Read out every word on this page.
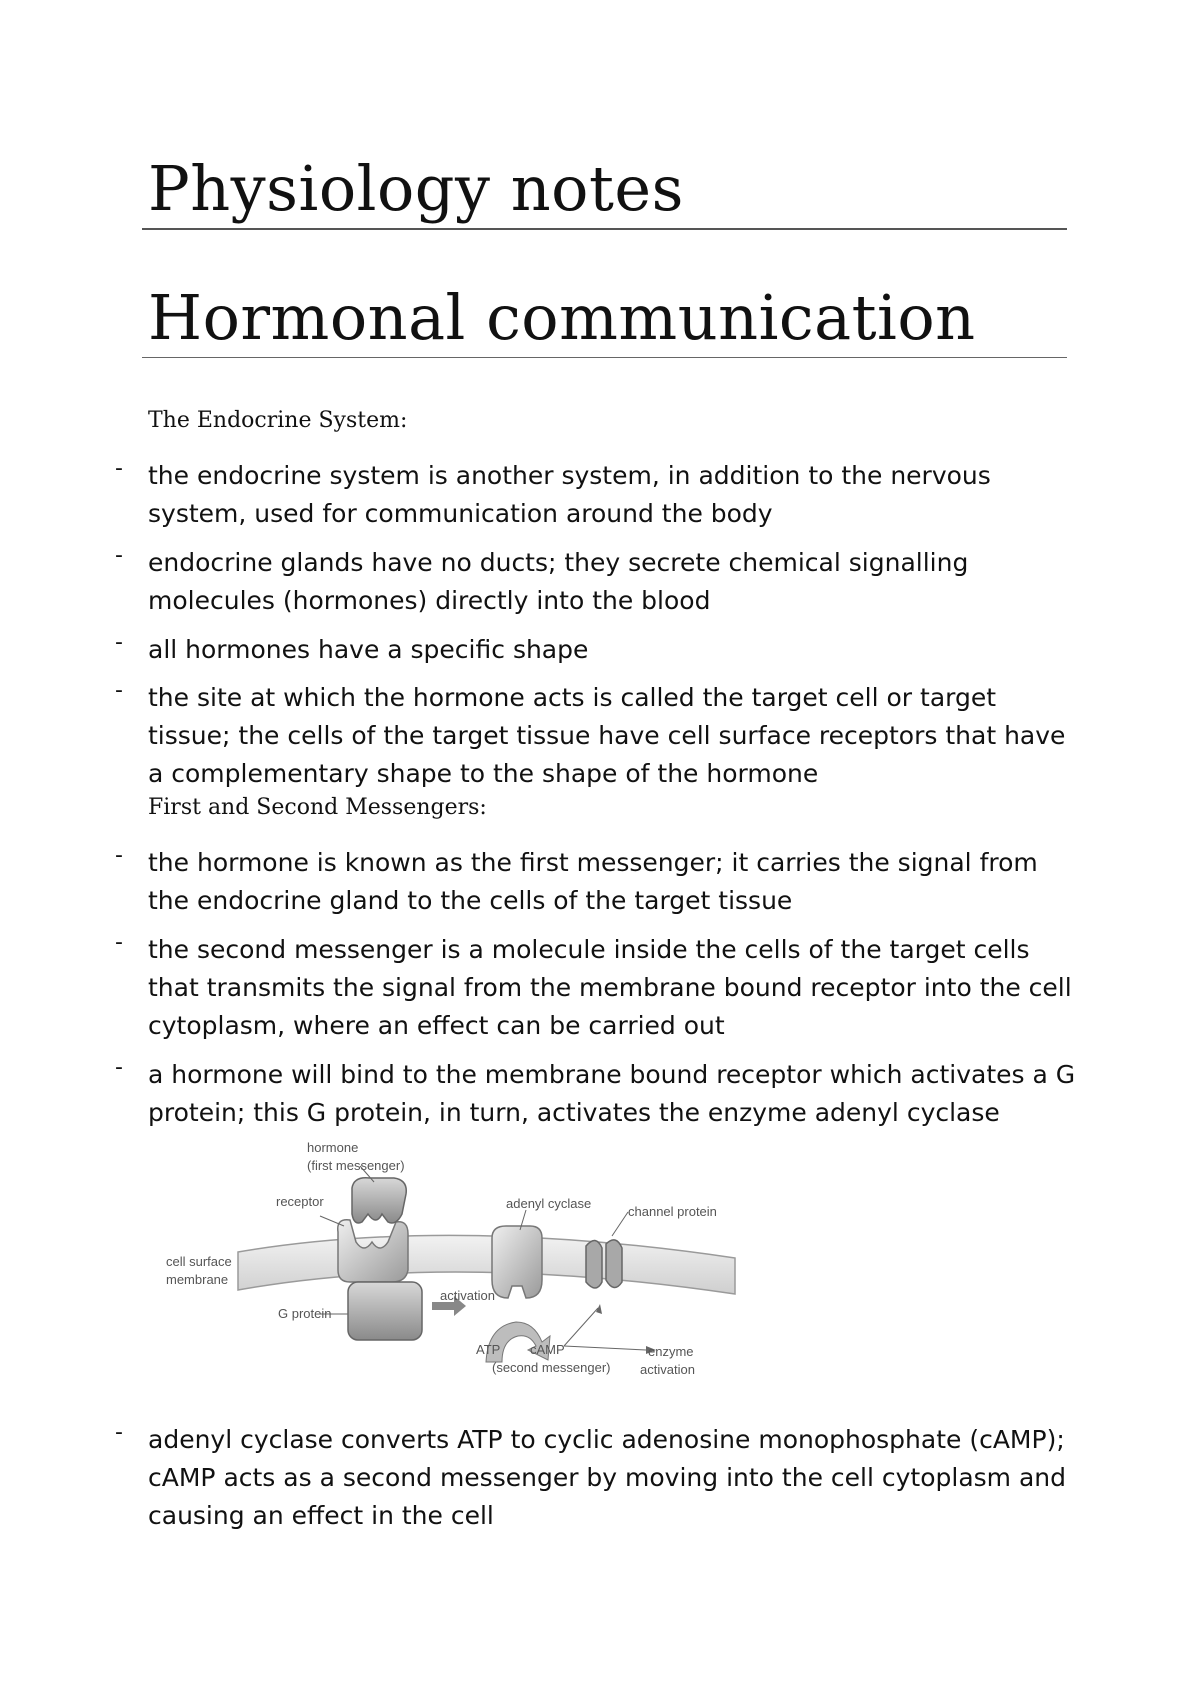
Physiology notes
Hormonal communication
The Endocrine System:
- the endocrine system is another system, in addition to the nervous system, used for communication around the body
- endocrine glands have no ducts; they secrete chemical signalling molecules (hormones) directly into the blood
- all hormones have a specific shape
- the site at which the hormone acts is called the target cell or target tissue; the cells of the target tissue have cell surface receptors that have a complementary shape to the shape of the hormone
First and Second Messengers:
- the hormone is known as the first messenger; it carries the signal from the endocrine gland to the cells of the target tissue
- the second messenger is a molecule inside the cells of the target cells that transmits the signal from the membrane bound receptor into the cell cytoplasm, where an effect can be carried out
- a hormone will bind to the membrane bound receptor which activates a G protein; this G protein, in turn, activates the enzyme adenyl cyclase
hormone
(first messenger)
receptor	adenyl cyclase
channel protein
cell surface
membrane
G protein
activation
ATP cAMP
(second messenger)
enzyme
activation
- adenyl cyclase converts ATP to cyclic adenosine monophosphate (cAMP); cAMP acts as a second messenger by moving into the cell cytoplasm and causing an effect in the cell
